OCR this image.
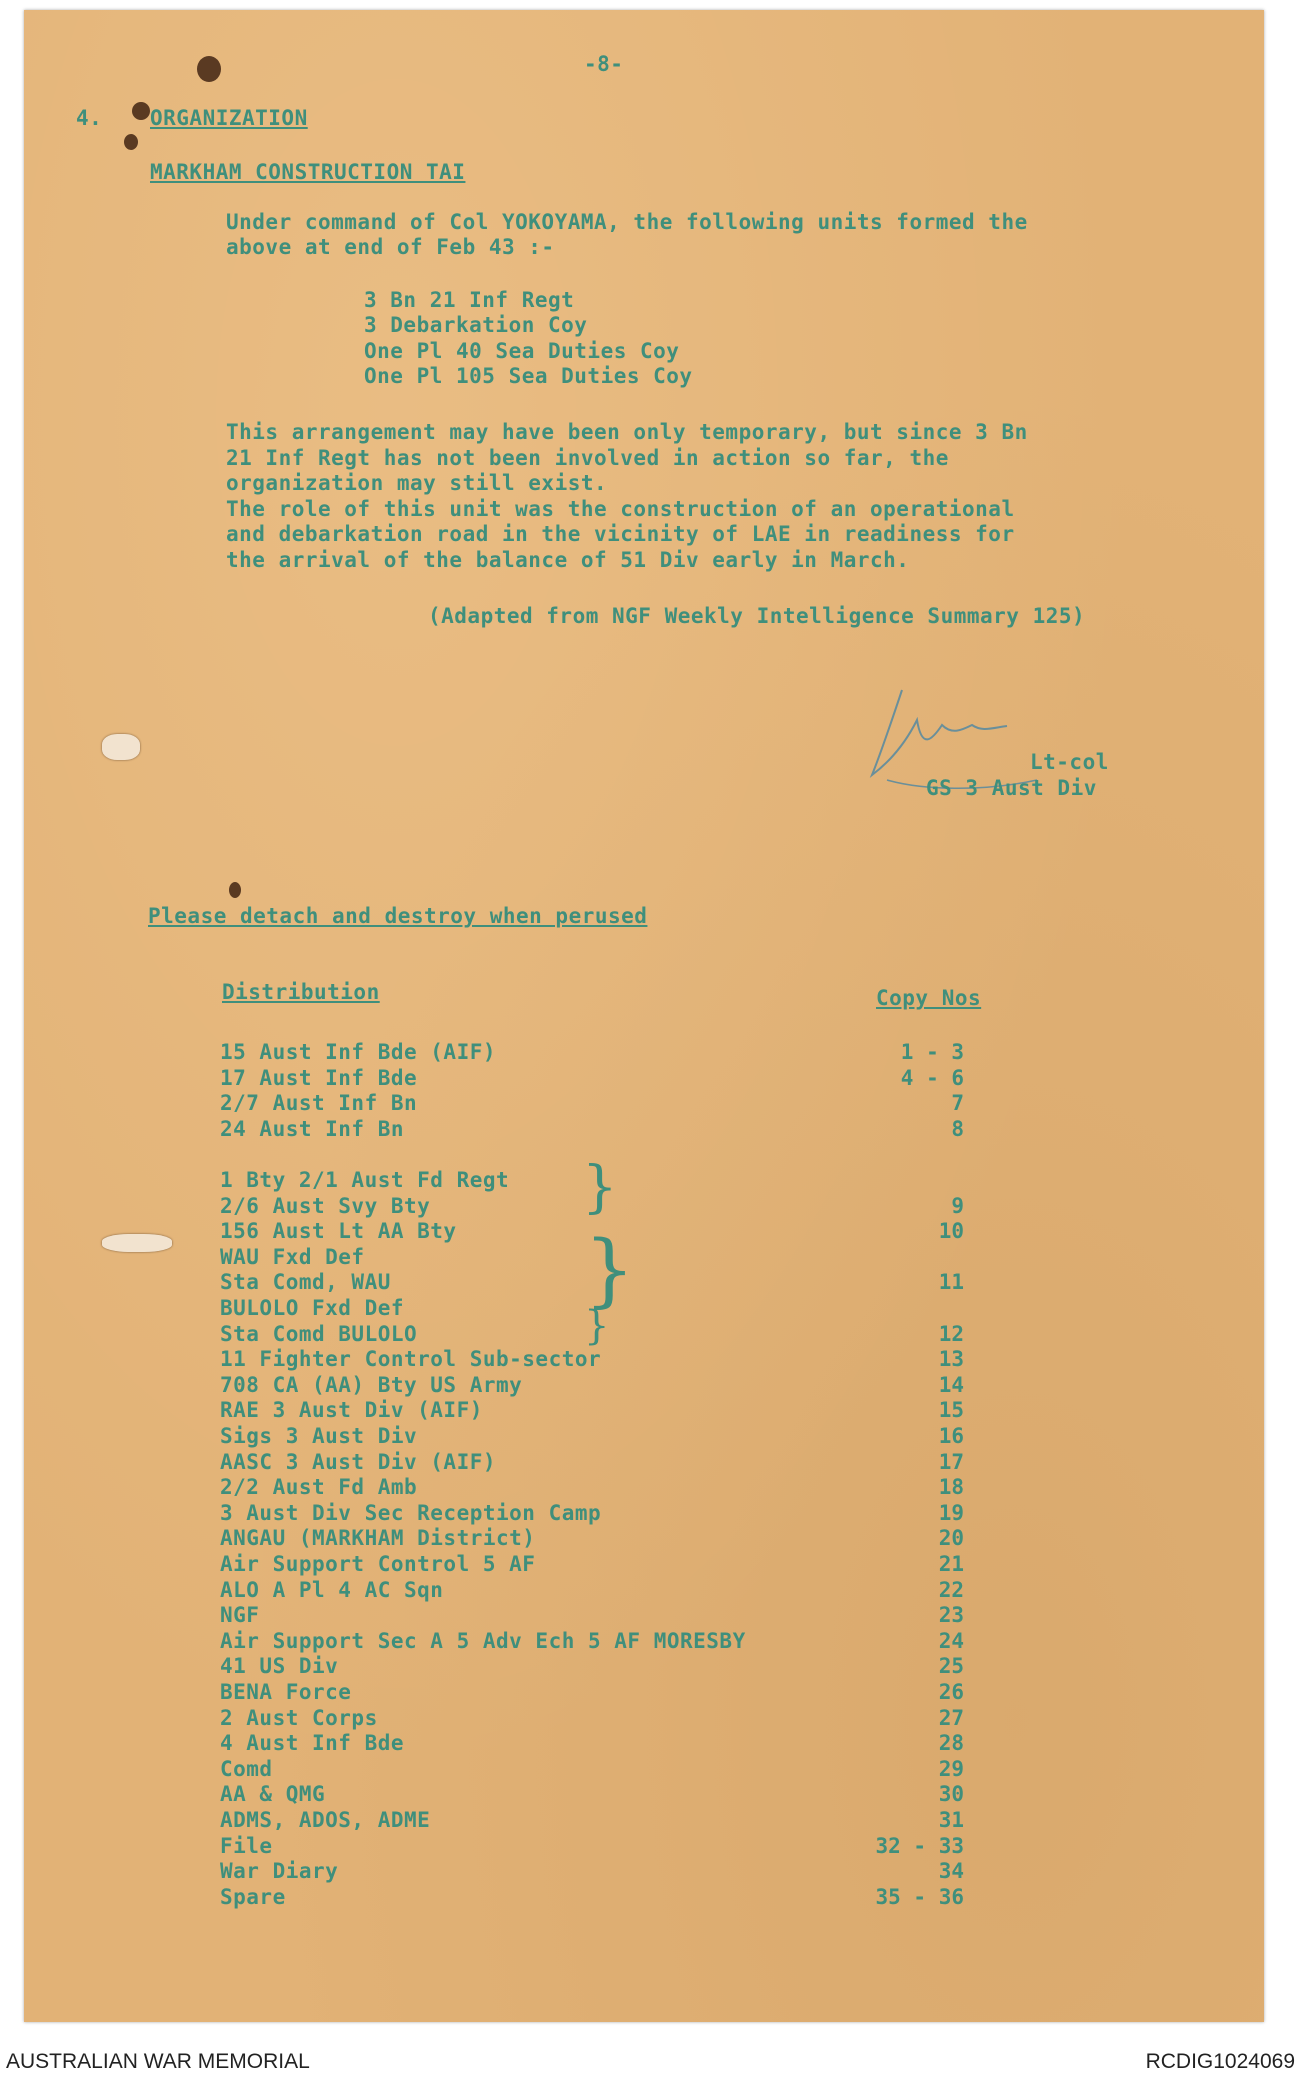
-8-
4. ORGANIZATION
MARKHAM CONSTRUCTION TAI
Under command of Col YOKOYAMA, the following units formed the
above at end of Feb 43 :-
3 Bn 21 Inf Regt
3 Debarkation Coy
One Pl 40 Sea Duties Coy
One Pl 105 Sea Duties Coy
This arrangement may have been only temporary, but since 3 Bn
21 Inf Regt has not been involved in action so far, the
organization may still exist.
The role of this unit was the construction of an operational
and debarkation road in the vicinity of LAE in readiness for
the arrival of the balance of 51 Div early in March.
(Adapted from NGF Weekly Intelligence Summary 125)
Lt-col
GS 3 Aust Div
Please detach and destroy when perused
Distribution	Copy Nos
15 Aust Inf Bde (AIF)	1 - 3
17 Aust Inf Bde	4 - 6
2/7 Aust Inf Bn	7
24 Aust Inf Bn	8
1 Bty 2/1 Aust Fd Regt
2/6 Aust Svy Bty	9
156 Aust Lt AA Bty	10
WAU Fxd Def
Sta Comd, WAU	11
BULOLO Fxd Def
Sta Comd BULOLO	12
11 Fighter Control Sub-sector	13
708 CA (AA) Bty US Army	14
RAE 3 Aust Div (AIF)	15
Sigs 3 Aust Div	16
AASC 3 Aust Div (AIF)	17
2/2 Aust Fd Amb	18
3 Aust Div Sec Reception Camp	19
ANGAU (MARKHAM District)	20
Air Support Control 5 AF	21
ALO A Pl 4 AC Sqn	22
NGF	23
Air Support Sec A 5 Adv Ech 5 AF MORESBY	24
41 US Div	25
BENA Force	26
2 Aust Corps	27
4 Aust Inf Bde	28
Comd	29
AA & QMG	30
ADMS, ADOS, ADME	31
File	32 - 33
War Diary	34
Spare	35 - 36
}
}
}
AUSTRALIAN WAR MEMORIAL	RCDIG1024069
